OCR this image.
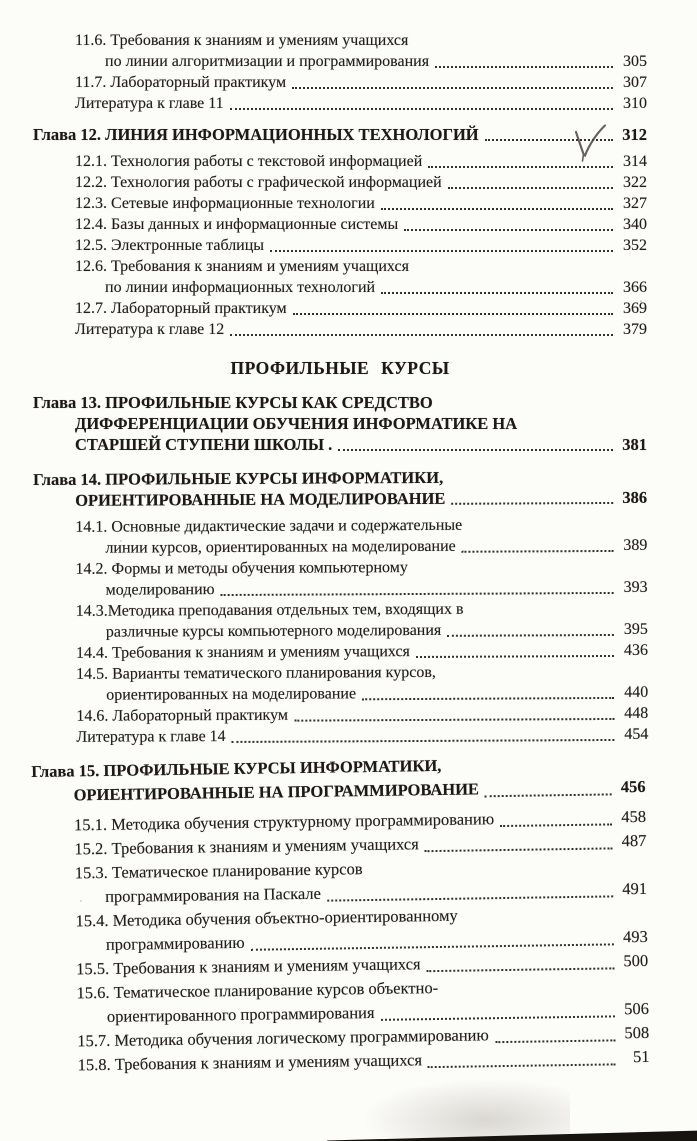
11.6. Требования к знаниям и умениям учащихся
по линии алгоритмизации и программирования	305
11.7. Лабораторный практикум	307
Литература к главе 11	310
Глава 12. ЛИНИЯ ИНФОРМАЦИОННЫХ ТЕХНОЛОГИЙ	312
12.1. Технология работы с текстовой информацией	314
12.2. Технология работы с графической информацией	322
12.3. Сетевые информационные технологии	327
12.4. Базы данных и информационные системы	340
12.5. Электронные таблицы	352
12.6. Требования к знаниям и умениям учащихся
по линии информационных технологий	366
12.7. Лабораторный практикум	369
Литература к главе 12	379
ПРОФИЛЬНЫЕ КУРСЫ
Глава 13. ПРОФИЛЬНЫЕ КУРСЫ КАК СРЕДСТВО
ДИФФЕРЕНЦИАЦИИ ОБУЧЕНИЯ ИНФОРМАТИКЕ НА
СТАРШЕЙ СТУПЕНИ ШКОЛЫ .	381
Глава 14. ПРОФИЛЬНЫЕ КУРСЫ ИНФОРМАТИКИ,
ОРИЕНТИРОВАННЫЕ НА МОДЕЛИРОВАНИЕ	386
14.1. Основные дидактические задачи и содержательные
линии курсов, ориентированных на моделирование	389
14.2. Формы и методы обучения компьютерному
моделированию	393
14.3.Методика преподавания отдельных тем, входящих в
различные курсы компьютерного моделирования	395
14.4. Требования к знаниям и умениям учащихся	436
14.5. Варианты тематического планирования курсов,
ориентированных на моделирование	440
14.6. Лабораторный практикум	448
Литература к главе 14	454
Глава 15. ПРОФИЛЬНЫЕ КУРСЫ ИНФОРМАТИКИ,
ОРИЕНТИРОВАННЫЕ НА ПРОГРАММИРОВАНИЕ	456
15.1. Методика обучения структурному программированию	458
15.2. Требования к знаниям и умениям учащихся	487
15.3. Тематическое планирование курсов
программирования на Паскале	491
15.4. Методика обучения объектно-ориентированному
программированию	493
15.5. Требования к знаниям и умениям учащихся	500
15.6. Тематическое планирование курсов объектно-
ориентированного программирования	506
15.7. Методика обучения логическому программированию	508
15.8. Требования к знаниям и умениям учащихся	51
